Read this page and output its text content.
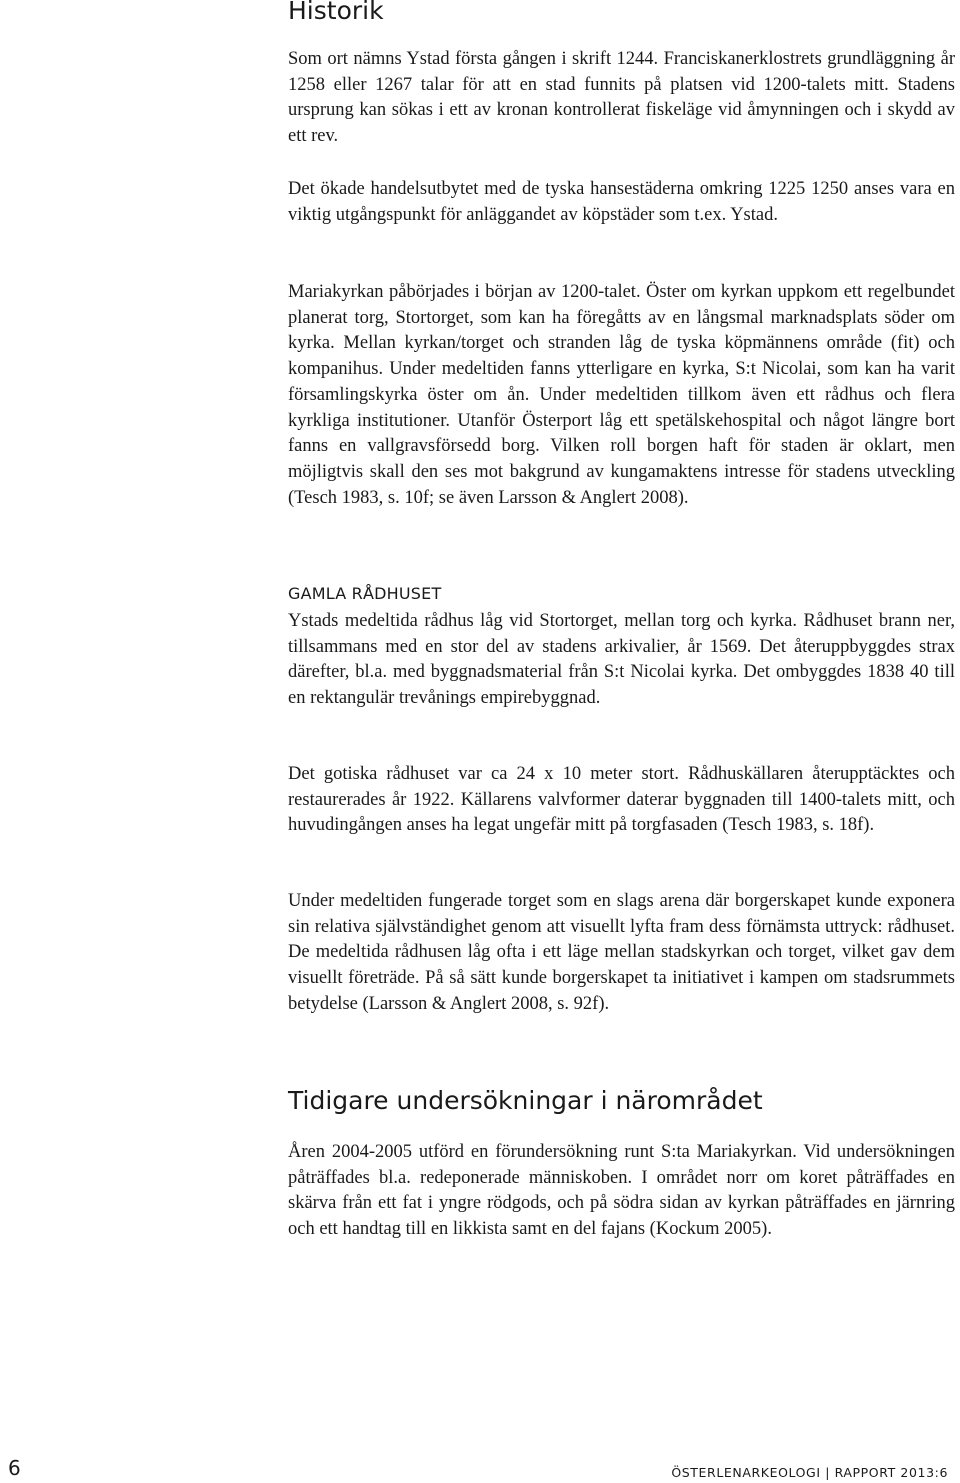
Historik

Som ort nämns Ystad första gången i skrift 1244. Franciskanerklostrets grundläggning år 1258 eller 1267 talar för att en stad funnits på platsen vid 1200-talets mitt. Stadens ursprung kan sökas i ett av kronan kontrollerat fiskeläge vid åmynningen och i skydd av ett rev.

Det ökade handelsutbytet med de tyska hansestäderna omkring 1225 1250 anses vara en viktig utgångspunkt för anläggandet av köpstäder som t.ex. Ystad.

Mariakyrkan påbörjades i början av 1200-talet. Öster om kyrkan uppkom ett regelbundet planerat torg, Stortorget, som kan ha föregåtts av en långsmal marknadsplats söder om kyrka. Mellan kyrkan/torget och stranden låg de tyska köpmännens område (fit) och kompanihus. Under medeltiden fanns ytterligare en kyrka, S:t Nicolai, som kan ha varit församlingskyrka öster om ån. Under medeltiden tillkom även ett rådhus och flera kyrkliga institutioner. Utanför Österport låg ett spetälskehospital och något längre bort fanns en vallgravsförsedd borg. Vilken roll borgen haft för staden är oklart, men möjligtvis skall den ses mot bakgrund av kungamaktens intresse för stadens utveckling (Tesch 1983, s. 10f; se även Larsson & Anglert 2008).

GAMLA RÅDHUSET

Ystads medeltida rådhus låg vid Stortorget, mellan torg och kyrka. Rådhuset brann ner, tillsammans med en stor del av stadens arkivalier, år 1569. Det återuppbyggdes strax därefter, bl.a. med byggnadsmaterial från S:t Nicolai kyrka. Det ombyggdes 1838 40 till en rektangulär trevånings empirebyggnad.

Det gotiska rådhuset var ca 24 x 10 meter stort. Rådhuskällaren återupptäcktes och restaurerades år 1922. Källarens valvformer daterar byggnaden till 1400-talets mitt, och huvudingången anses ha legat ungefär mitt på torgfasaden (Tesch 1983, s. 18f).

Under medeltiden fungerade torget som en slags arena där borgerskapet kunde exponera sin relativa självständighet genom att visuellt lyfta fram dess förnämsta uttryck: rådhuset. De medeltida rådhusen låg ofta i ett läge mellan stadskyrkan och torget, vilket gav dem visuellt företräde. På så sätt kunde borgerskapet ta initiativet i kampen om stadsrummets betydelse (Larsson & Anglert 2008, s. 92f).

Tidigare undersökningar i närområdet

Åren 2004-2005 utförd en förundersökning runt S:ta Mariakyrkan. Vid undersökningen påträffades bl.a. redeponerade människoben. I området norr om koret påträffades en skärva från ett fat i yngre rödgods, och på södra sidan av kyrkan påträffades en järnring och ett handtag till en likkista samt en del fajans (Kockum 2005).

6	ÖSTERLENARKEOLOGI | RAPPORT 2013:6
